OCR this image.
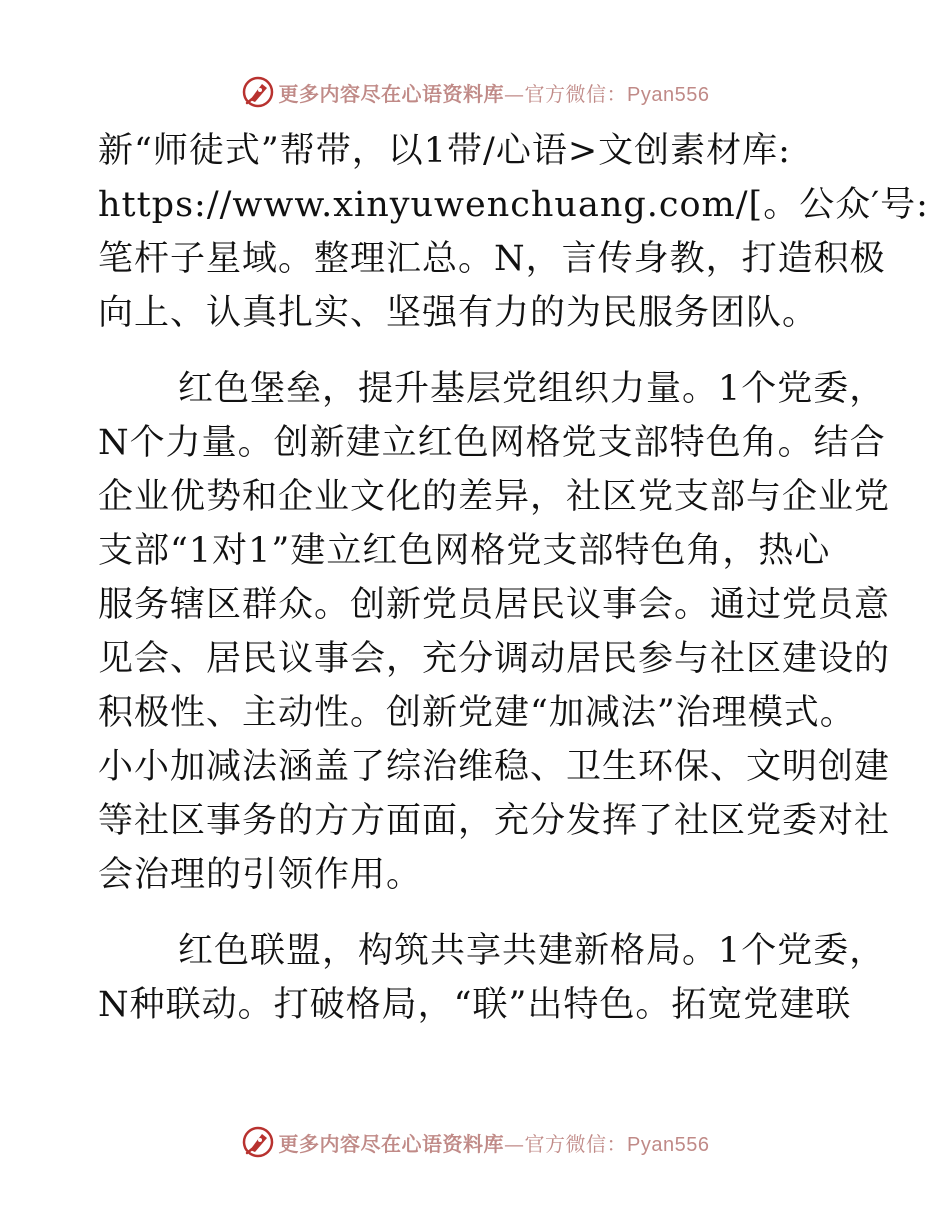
更多内容尽在心语资料库—官方微信：Pyan556
新“师徒式”帮带，以1带/心语>文创素材库:
https://www.xinyuwenchuang.com/[。公众′号:
笔杆子星域。整理汇总。N，言传身教，打造积极
向上、认真扎实、坚强有力的为民服务团队。
红色堡垒，提升基层党组织力量。1个党委，
N个力量。创新建立红色网格党支部特色角。结合
企业优势和企业文化的差异，社区党支部与企业党
支部“1对1”建立红色网格党支部特色角，热心
服务辖区群众。创新党员居民议事会。通过党员意
见会、居民议事会，充分调动居民参与社区建设的
积极性、主动性。创新党建“加减法”治理模式。
小小加减法涵盖了综治维稳、卫生环保、文明创建
等社区事务的方方面面，充分发挥了社区党委对社
会治理的引领作用。
红色联盟，构筑共享共建新格局。1个党委，
N种联动。打破格局，“联”出特色。拓宽党建联
更多内容尽在心语资料库—官方微信：Pyan556
